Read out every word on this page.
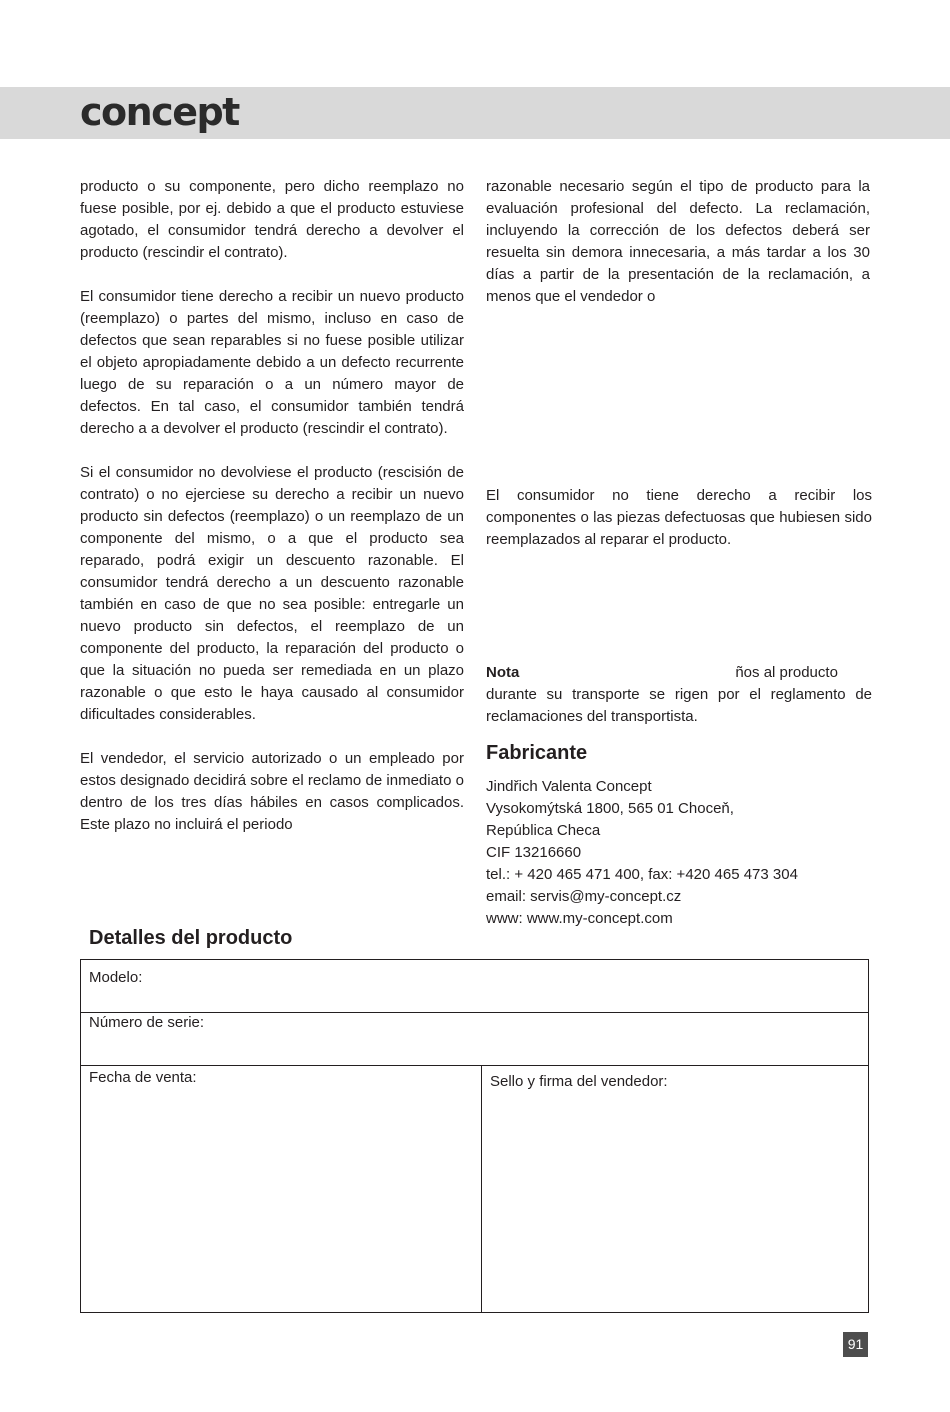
concept

producto o su componente, pero dicho reemplazo no fuese posible, por ej. debido a que el producto estuviese agotado, el consumidor tendrá derecho a devolver el producto (rescindir el contrato).

El consumidor tiene derecho a recibir un nuevo producto (reemplazo) o partes del mismo, incluso en caso de defectos que sean reparables si no fuese posible utilizar el objeto apropiadamente debido a un defecto recurrente luego de su reparación o a un número mayor de defectos. En tal caso, el consumidor también tendrá derecho a a devolver el producto (rescindir el contrato).

Si el consumidor no devolviese el producto (rescisión de contrato) o no ejerciese su derecho a recibir un nuevo producto sin defectos (reemplazo) o un reemplazo de un componente del mismo, o a que el producto sea reparado, podrá exigir un descuento razonable. El consumidor tendrá derecho a un descuento razonable también en caso de que no sea posible: entregarle un nuevo producto sin defectos, el reemplazo de un componente del producto, la reparación del producto o que la situación no pueda ser remediada en un plazo razonable o que esto le haya causado al consumidor dificultades considerables.

El vendedor, el servicio autorizado o un empleado por estos designado decidirá sobre el reclamo de inmediato o dentro de los tres días hábiles en casos complicados. Este plazo no incluirá el periodo

razonable necesario según el tipo de producto para la evaluación profesional del defecto. La reclamación, incluyendo la corrección de los defectos deberá ser resuelta sin demora innecesaria, a más tardar a los 30 días a partir de la presentación de la reclamación, a menos que el vendedor o

El consumidor no tiene derecho a recibir los componentes o las piezas defectuosas que hubiesen sido reemplazados al reparar el producto.

Nota	ños al producto

durante su transporte se rigen por el reglamento de reclamaciones del transportista.

Fabricante

Jindřich Valenta Concept

Vysokomýtská 1800, 565 01 Choceň,

República Checa

CIF 13216660

tel.: + 420 465 471 400, fax: +420 465 473 304

email: servis@my-concept.cz

www: www.my-concept.com

Detalles del producto
Modelo:
Número de serie:
Fecha de venta:	Sello y firma del vendedor:
91
